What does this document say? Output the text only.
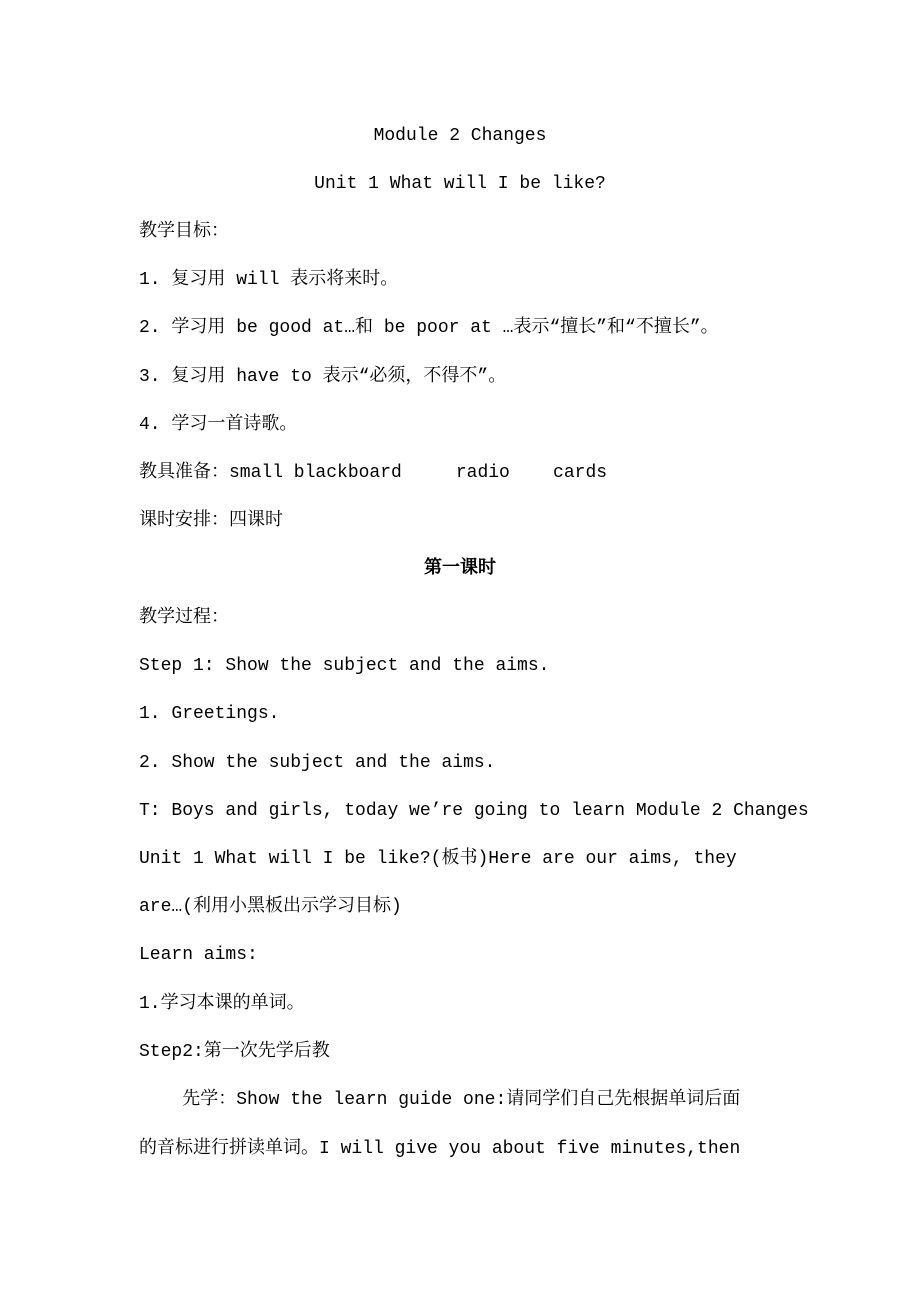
Module 2 Changes
Unit 1 What will I be like?
教学目标：
1. 复习用 will 表示将来时。
2. 学习用 be good at…和 be poor at …表示“擅长”和“不擅长”。
3. 复习用 have to 表示“必须，不得不”。
4. 学习一首诗歌。
教具准备：small blackboard     radio    cards
课时安排：四课时
第一课时
教学过程：
Step 1: Show the subject and the aims.
1. Greetings.
2. Show the subject and the aims.
T: Boys and girls, today we’re going to learn Module 2 Changes
Unit 1 What will I be like?(板书)Here are our aims, they
are…(利用小黑板出示学习目标)
Learn aims:
1.学习本课的单词。
Step2:第一次先学后教
先学：Show the learn guide one:请同学们自己先根据单词后面
的音标进行拼读单词。I will give you about five minutes,then
